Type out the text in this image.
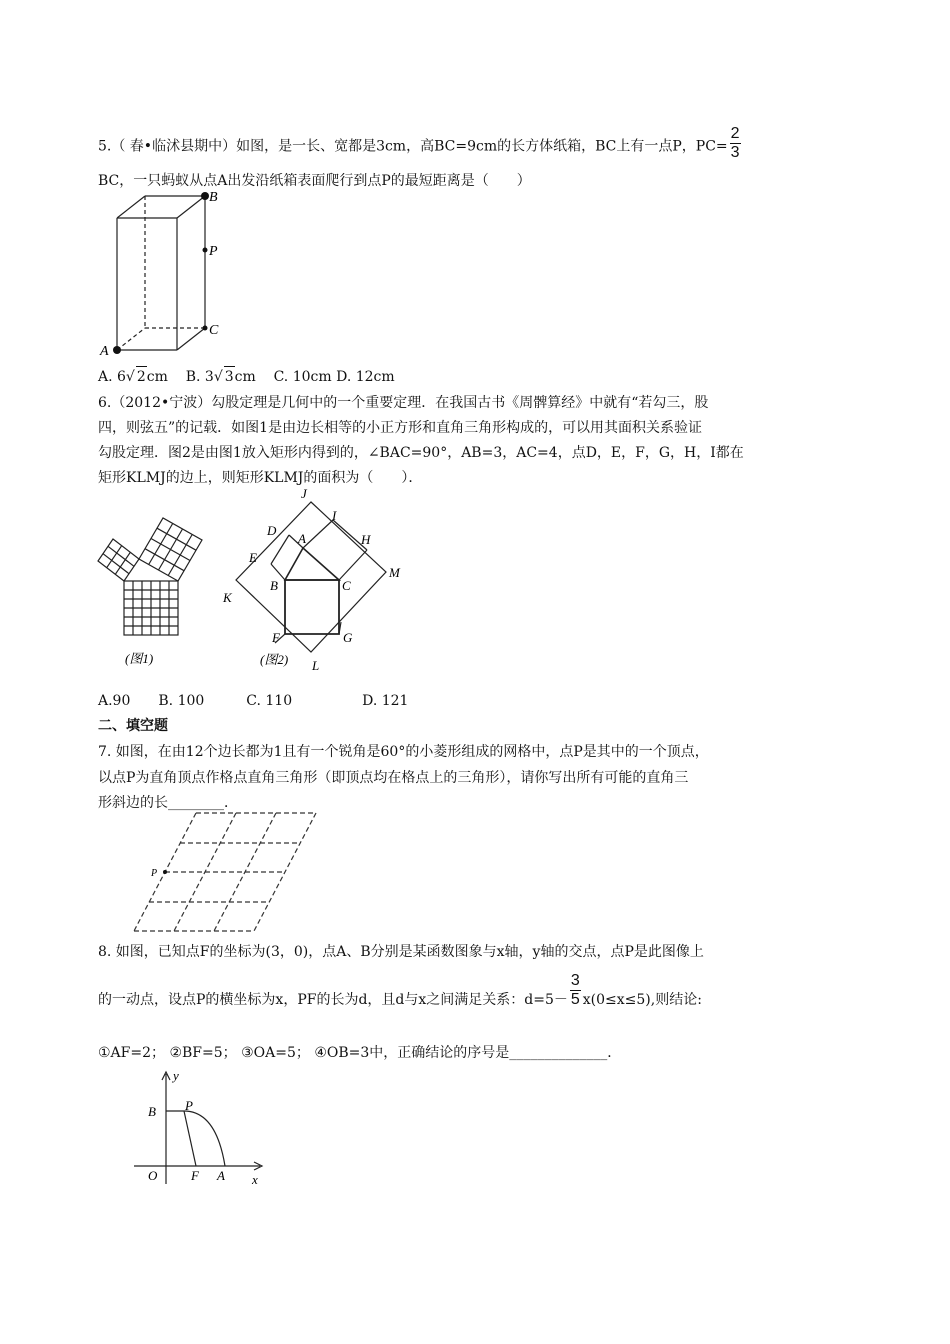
5.（ 春•临沭县期中）如图，是一长、宽都是3cm，高BC=9cm的长方体纸箱，BC上有一点P，$PC= \frac{2}{3}$
BC，一只蚂蚁从点A出发沿纸箱表面爬行到点P的最短距离是（　　）
B
P
C
A
A. 6√ 2cm B. 3√ 3cm C. 10cm D. 12cm
6.（2012•宁波）勾股定理是几何中的一个重要定理．在我国古书《周髀算经》中就有“若勾三，股
四，则弦五”的记载．如图1是由边长相等的小正方形和直角三角形构成的，可以用其面积关系验证
勾股定理．图2是由图1放入矩形内得到的，∠BAC=90°，AB=3，AC=4，点D，E，F，G，H，I都在
矩形KLMJ的边上，则矩形KLMJ的面积为（　　）．
(图1)
J
I
D
H
A
E
M
B	C
K
F	G
L
(图2)
A.90　　B. 100　　　C. 110　　　　　D. 121
二、填空题
7. 如图，在由12个边长都为1且有一个锐角是60°的小菱形组成的网格中，点P是其中的一个顶点，
以点P为直角顶点作格点直角三角形（即顶点均在格点上的三角形），请你写出所有可能的直角三
形斜边的长________．
P
8. 如图，已知点F的坐标为(3，0)，点A、B分别是某函数图象与x轴，y轴的交点，点P是此图像上
的一动点，设点P的横坐标为x，PF的长为d，且d与x之间满足关系：$d=5- \frac{3}{5} x(0\le x\le 5)$,则结论:
①AF=2； ②BF=5； ③OA=5； ④OB=3中，正确结论的序号是______________．
y
B P
O	F A x
